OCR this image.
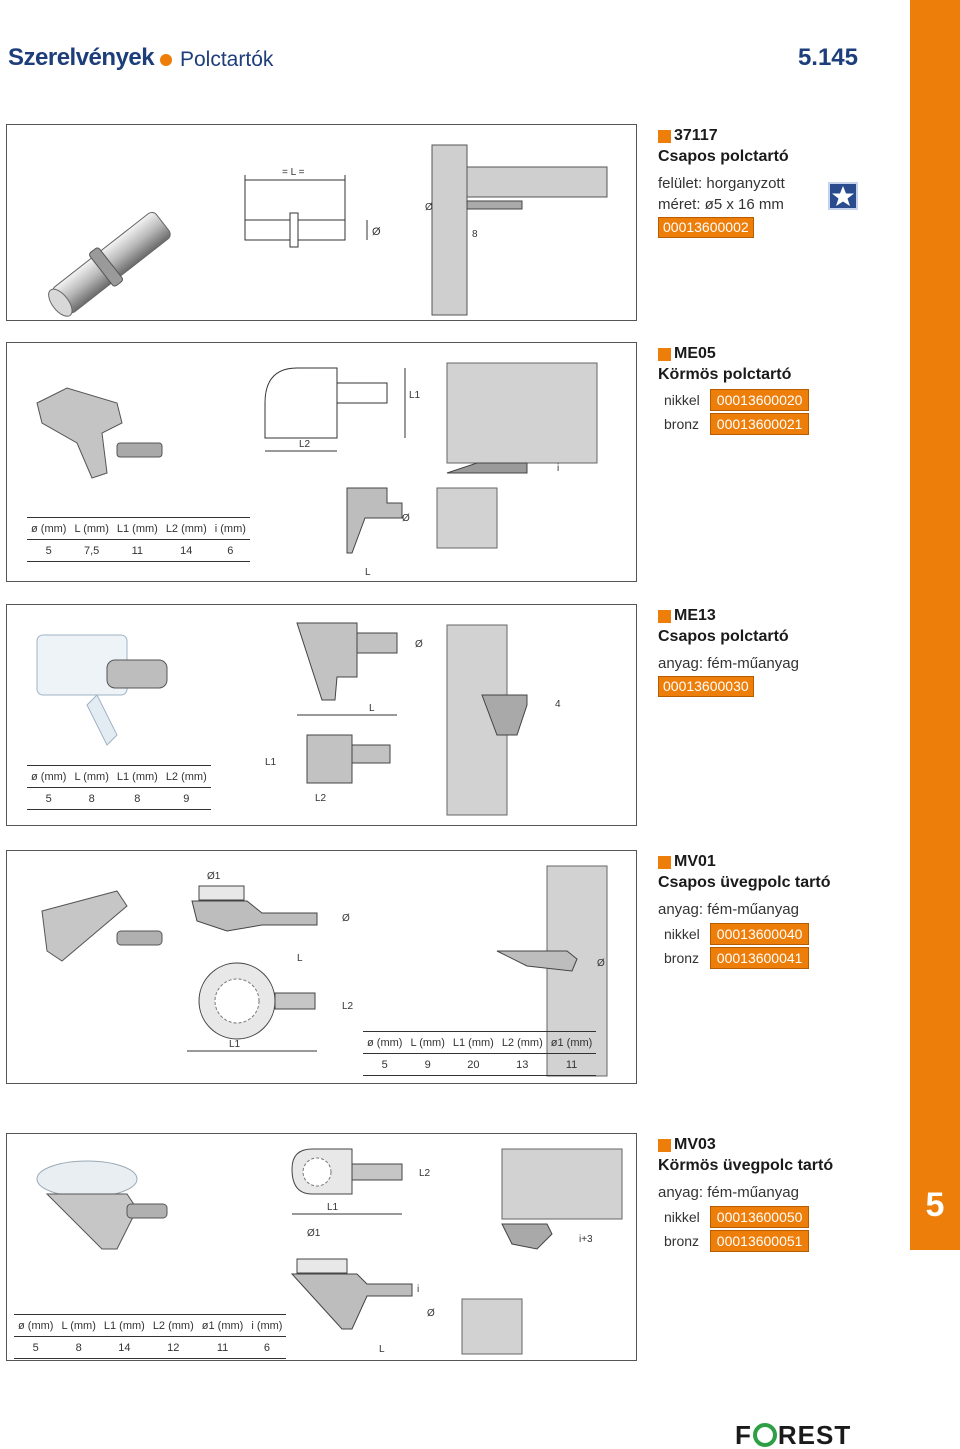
Szerelvények Polctartók	5.145
5
= L =
Ø
Ø
8
37117
Csapos polctartó
felület: horganyzott
méret: ø5 x 16 mm
00013600002
L1
L2
i
L
Ø
ø (mm)	L (mm)	L1 (mm)	L2 (mm)	i (mm)
5	7,5	11	14	6
ME05
Körmös polctartó
nikkel	00013600020

bronz	00013600021
Ø
L	4
L1
L2
ø (mm)	L (mm)	L1 (mm)	L2 (mm)
5	8	8	9
ME13
Csapos polctartó
anyag: fém-műanyag
00013600030
Ø1
Ø
L
L2
L1
Ø
ø (mm)	L (mm)	L1 (mm)	L2 (mm)	ø1 (mm)
5	9	20	13	11
MV01
Csapos üvegpolc tartó
anyag: fém-műanyag
nikkel	00013600040

bronz	00013600041
L2
L1
Ø1
i
Ø
i+3
L
ø (mm)	L (mm)	L1 (mm)	L2 (mm)	ø1 (mm)	i (mm)
5	8	14	12	11	6
MV03
Körmös üvegpolc tartó
anyag: fém-műanyag
nikkel	00013600050

bronz	00013600051
F REST
